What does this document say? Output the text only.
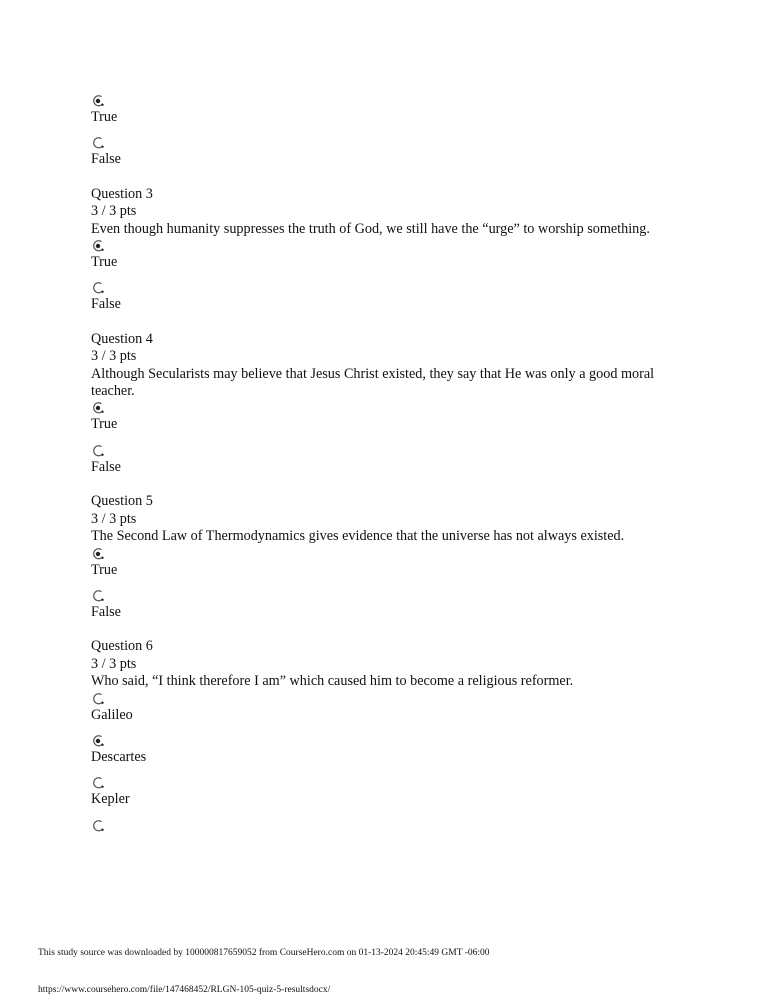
True
False
Question 3
3 / 3 pts
Even though humanity suppresses the truth of God, we still have the “urge” to worship something.
True
False
Question 4
3 / 3 pts
Although Secularists may believe that Jesus Christ existed, they say that He was only a good moral teacher.
True
False
Question 5
3 / 3 pts
The Second Law of Thermodynamics gives evidence that the universe has not always existed.
True
False
Question 6
3 / 3 pts
Who said, “I think therefore I am” which caused him to become a religious reformer.
Galileo
Descartes
Kepler
This study source was downloaded by 100000817659052 from CourseHero.com on 01-13-2024 20:45:49 GMT -06:00
https://www.coursehero.com/file/147468452/RLGN-105-quiz-5-resultsdocx/
